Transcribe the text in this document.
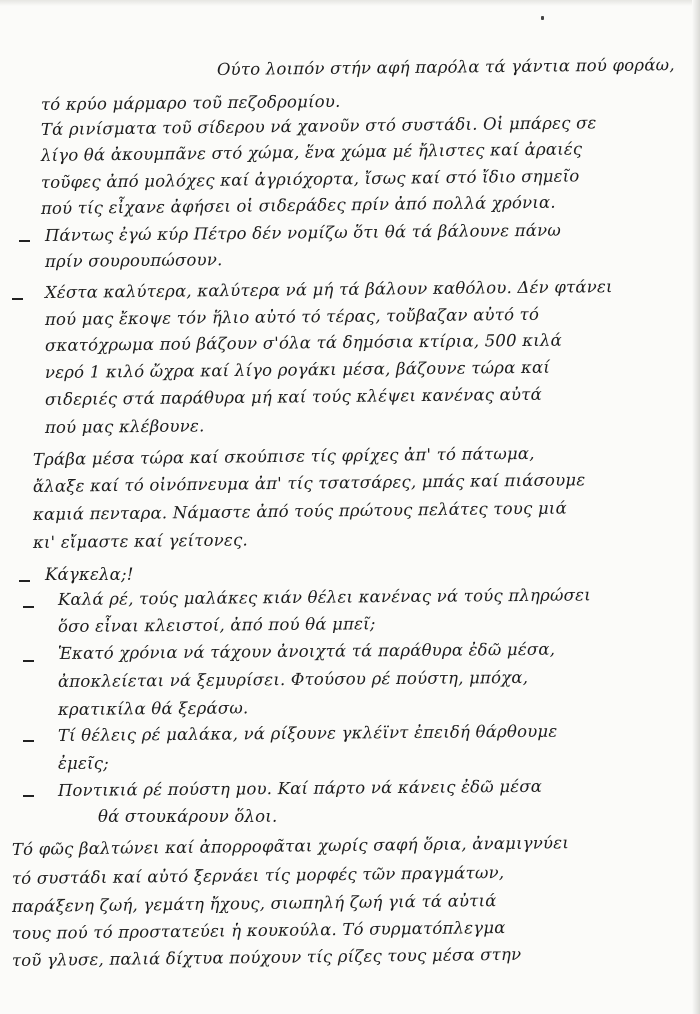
Ούτο λοιπόν στήν αφή παρόλα τά γάντια πού φοράω,
τό κρύο μάρμαρο τοῦ πεζοδρομίου.
Τά ρινίσματα τοῦ σίδερου νά χανοῦν στό συστάδι. Οἱ μπάρες σε
λίγο θά ἀκουμπᾶνε στό χώμα, ἕνα χώμα μέ ἤλιστες καί ἀραιές
τοῦφες ἀπό μολόχες καί ἀγριόχορτα, ἴσως καί στό ἴδιο σημεῖο
πού τίς εἶχανε ἀφήσει οἱ σιδεράδες πρίν ἀπό πολλά χρόνια.
Πάντως ἐγώ κύρ Πέτρο δέν νομίζω ὅτι θά τά βάλουνε πάνω
πρίν σουρουπώσουν.
Χέστα καλύτερα, καλύτερα νά μή τά βάλουν καθόλου. Δέν φτάνει
πού μας ἔκοψε τόν ἥλιο αὐτό τό τέρας, τοὔβαζαν αὐτό τό
σκατόχρωμα πού βάζουν σ'όλα τά δημόσια κτίρια, 500 κιλά
νερό 1 κιλό ὤχρα καί λίγο ρογάκι μέσα, βάζουνε τώρα καί
σιδεριές στά παράθυρα μή καί τούς κλέψει κανένας αὐτά
πού μας κλέβουνε.
Τράβα μέσα τώρα καί σκούπισε τίς φρίχες ἀπ' τό πάτωμα,
ἄλαξε καί τό οἰνόπνευμα ἀπ' τίς τσατσάρες, μπάς καί πιάσουμε
καμιά πενταρα. Νάμαστε ἀπό τούς πρώτους πελάτες τους μιά
κι' εἴμαστε καί γείτονες.
Κάγκελα;!
Καλά ρέ, τούς μαλάκες κιάν θέλει κανένας νά τούς πληρώσει
ὅσο εἶναι κλειστοί, ἀπό πού θά μπεῖ;
Ἑκατό χρόνια νά τάχουν ἀνοιχτά τά παράθυρα ἐδῶ μέσα,
ἀποκλείεται νά ξεμυρίσει. Φτούσου ρέ πούστη, μπόχα,
κρατικίλα θά ξεράσω.
Τί θέλεις ρέ μαλάκα, νά ρίξουνε γκλέϊντ ἐπειδή θάρθουμε
ἐμεῖς;
Ποντικιά ρέ πούστη μου. Καί πάρτο νά κάνεις ἐδῶ μέσα
θά στουκάρουν ὅλοι.
Τό φῶς βαλτώνει καί ἀπορροφᾶται χωρίς σαφή ὅρια, ἀναμιγνύει
τό συστάδι καί αὐτό ξερνάει τίς μορφές τῶν πραγμάτων,
παράξενη ζωή, γεμάτη ἤχους, σιωπηλή ζωή γιά τά αὐτιά
τους πού τό προστατεύει ἡ κουκούλα. Τό συρματόπλεγμα
τοῦ γλυσε, παλιά δίχτυα πούχουν τίς ρίζες τους μέσα στην
